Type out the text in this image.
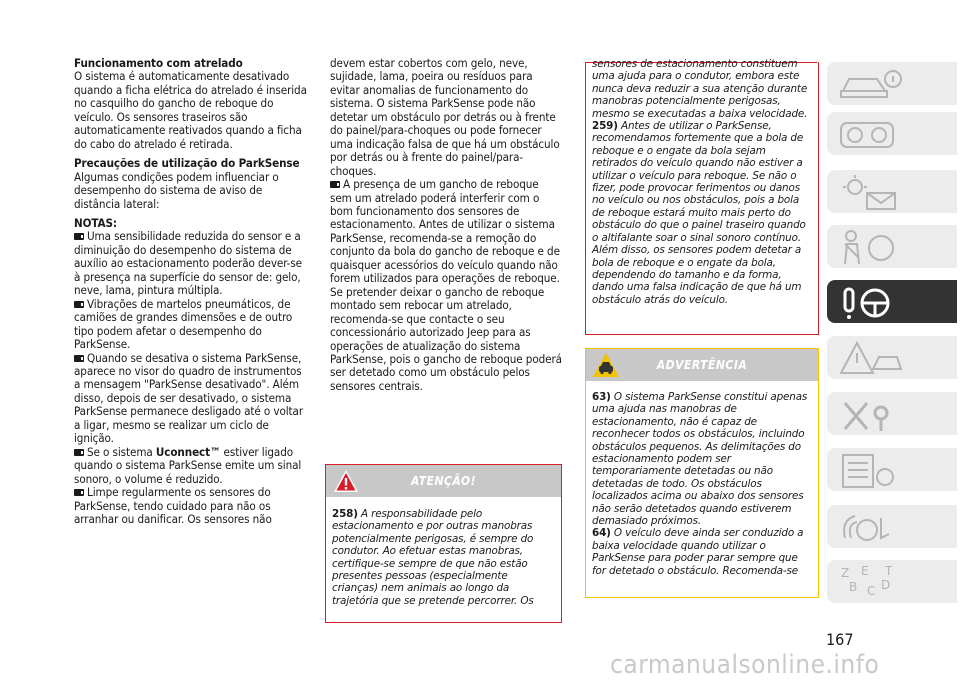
Funcionamento com atrelado

O sistema é automaticamente desativado quando a ficha elétrica do atrelado é inserida no casquilho do gancho de reboque do veículo. Os sensores traseiros são automaticamente reativados quando a ficha do cabo do atrelado é retirada.

Precauções de utilização do ParkSense

Algumas condições podem influenciar o desempenho do sistema de aviso de distância lateral:

NOTAS:

Uma sensibilidade reduzida do sensor e a diminuição do desempenho do sistema de auxílio ao estacionamento poderão dever-se à presença na superfície do sensor de: gelo, neve, lama, pintura múltipla.

Vibrações de martelos pneumáticos, de camiões de grandes dimensões e de outro tipo podem afetar o desempenho do ParkSense.

Quando se desativa o sistema ParkSense, aparece no visor do quadro de instrumentos a mensagem "ParkSense desativado". Além disso, depois de ser desativado, o sistema ParkSense permanece desligado até o voltar a ligar, mesmo se realizar um ciclo de ignição.

Se o sistema Uconnect™ estiver ligado quando o sistema ParkSense emite um sinal sonoro, o volume é reduzido.

Limpe regularmente os sensores do ParkSense, tendo cuidado para não os arranhar ou danificar. Os sensores não

devem estar cobertos com gelo, neve, sujidade, lama, poeira ou resíduos para evitar anomalias de funcionamento do sistema. O sistema ParkSense pode não detetar um obstáculo por detrás ou à frente do painel/para-choques ou pode fornecer uma indicação falsa de que há um obstáculo por detrás ou à frente do painel/para-choques.

A presença de um gancho de reboque sem um atrelado poderá interferir com o bom funcionamento dos sensores de estacionamento. Antes de utilizar o sistema ParkSense, recomenda-se a remoção do conjunto da bola do gancho de reboque e de quaisquer acessórios do veículo quando não forem utilizados para operações de reboque. Se pretender deixar o gancho de reboque montado sem rebocar um atrelado, recomenda-se que contacte o seu concessionário autorizado Jeep para as operações de atualização do sistema ParkSense, pois o gancho de reboque poderá ser detetado como um obstáculo pelos sensores centrais.

ATENÇÃO!
258) A responsabilidade pelo estacionamento e por outras manobras potencialmente perigosas, é sempre do condutor. Ao efetuar estas manobras, certifique-se sempre de que não estão presentes pessoas (especialmente crianças) nem animais ao longo da trajetória que se pretende percorrer. Os
sensores de estacionamento constituem uma ajuda para o condutor, embora este nunca deva reduzir a sua atenção durante manobras potencialmente perigosas, mesmo se executadas a baixa velocidade.
259) Antes de utilizar o ParkSense, recomendamos fortemente que a bola de reboque e o engate da bola sejam retirados do veículo quando não estiver a utilizar o veículo para reboque. Se não o fizer, pode provocar ferimentos ou danos no veículo ou nos obstáculos, pois a bola de reboque estará muito mais perto do obstáculo do que o painel traseiro quando o altifalante soar o sinal sonoro contínuo. Além disso, os sensores podem detetar a bola de reboque e o engate da bola, dependendo do tamanho e da forma, dando uma falsa indicação de que há um obstáculo atrás do veículo.
ADVERTÊNCIA
63) O sistema ParkSense constitui apenas uma ajuda nas manobras de estacionamento, não é capaz de reconhecer todos os obstáculos, incluindo obstáculos pequenos. As delimitações do estacionamento podem ser temporariamente detetadas ou não detetadas de todo. Os obstáculos localizados acima ou abaixo dos sensores não serão detetados quando estiverem demasiado próximos.
64) O veículo deve ainda ser conduzido a baixa velocidade quando utilizar o ParkSense para poder parar sempre que for detetado o obstáculo. Recomenda-se	Z E
B C D
T
167
carmanualsonline.info
